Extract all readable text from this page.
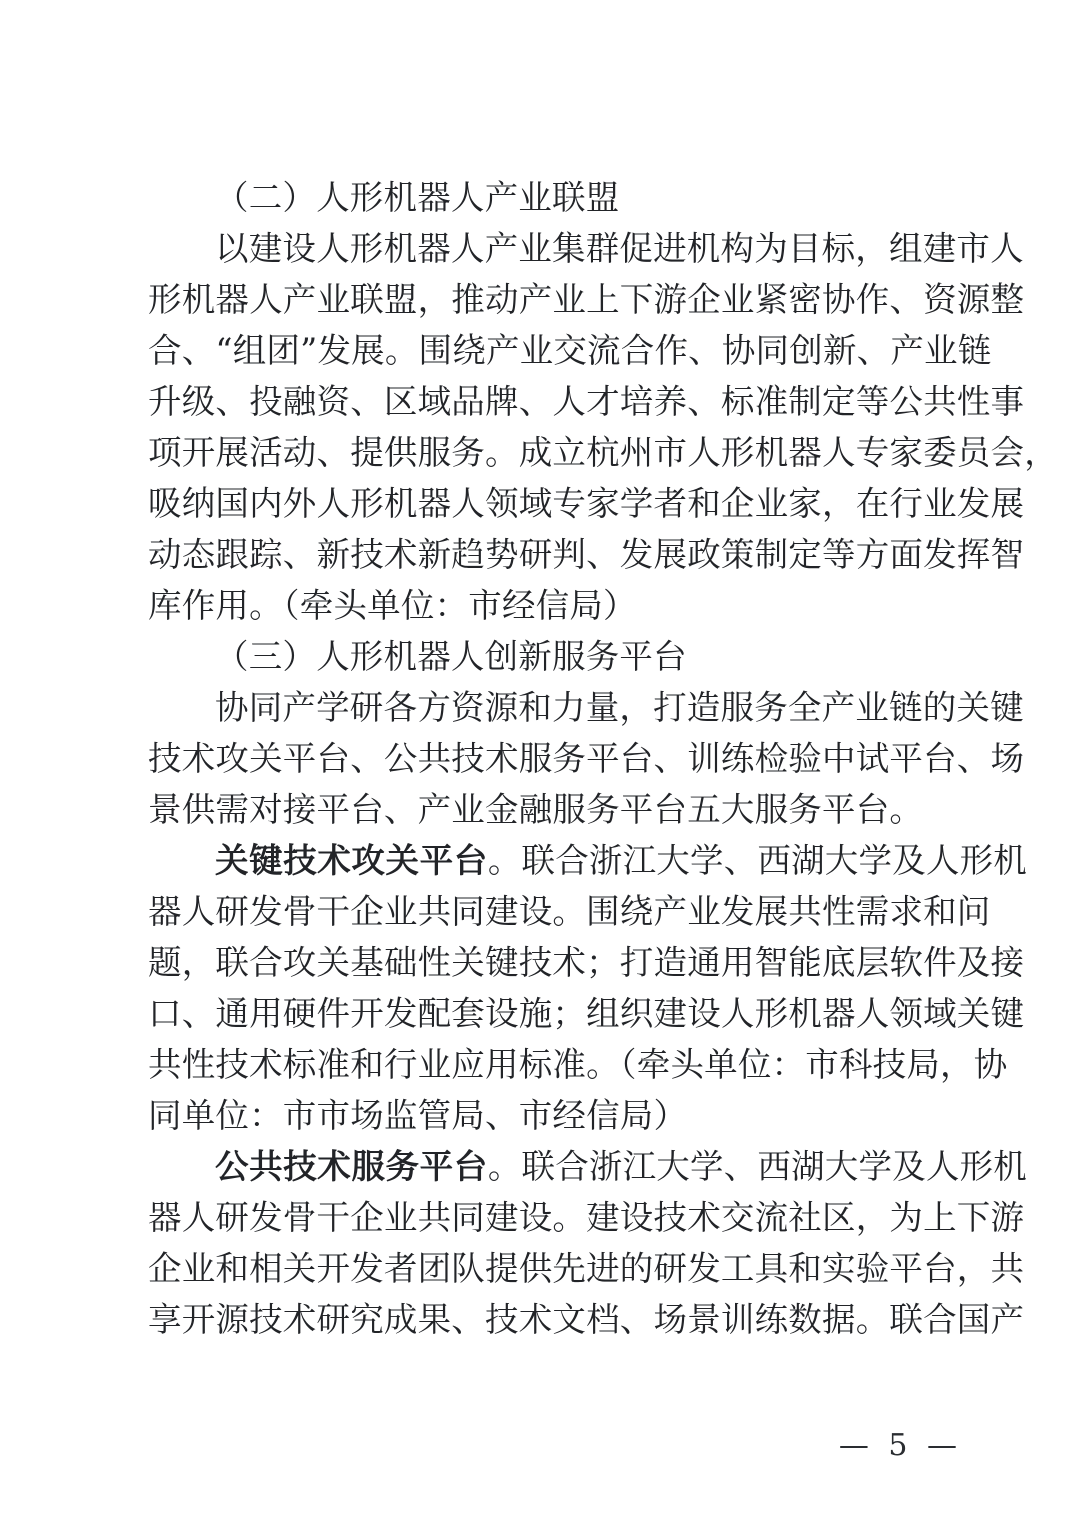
（二）人形机器人产业联盟
以建设人形机器人产业集群促进机构为目标，组建市人
形机器人产业联盟，推动产业上下游企业紧密协作、资源整
合、“组团”发展。围绕产业交流合作、协同创新、产业链
升级、投融资、区域品牌、人才培养、标准制定等公共性事
项开展活动、提供服务。成立杭州市人形机器人专家委员会，
吸纳国内外人形机器人领域专家学者和企业家，在行业发展
动态跟踪、新技术新趋势研判、发展政策制定等方面发挥智
库作用。（牵头单位：市经信局）
（三）人形机器人创新服务平台
协同产学研各方资源和力量，打造服务全产业链的关键
技术攻关平台、公共技术服务平台、训练检验中试平台、场
景供需对接平台、产业金融服务平台五大服务平台。
关键技术攻关平台。联合浙江大学、西湖大学及人形机
器人研发骨干企业共同建设。围绕产业发展共性需求和问
题，联合攻关基础性关键技术；打造通用智能底层软件及接
口、通用硬件开发配套设施；组织建设人形机器人领域关键
共性技术标准和行业应用标准。（牵头单位：市科技局，协
同单位：市市场监管局、市经信局）
公共技术服务平台。联合浙江大学、西湖大学及人形机
器人研发骨干企业共同建设。建设技术交流社区，为上下游
企业和相关开发者团队提供先进的研发工具和实验平台，共
享开源技术研究成果、技术文档、场景训练数据。联合国产
— 5 —
